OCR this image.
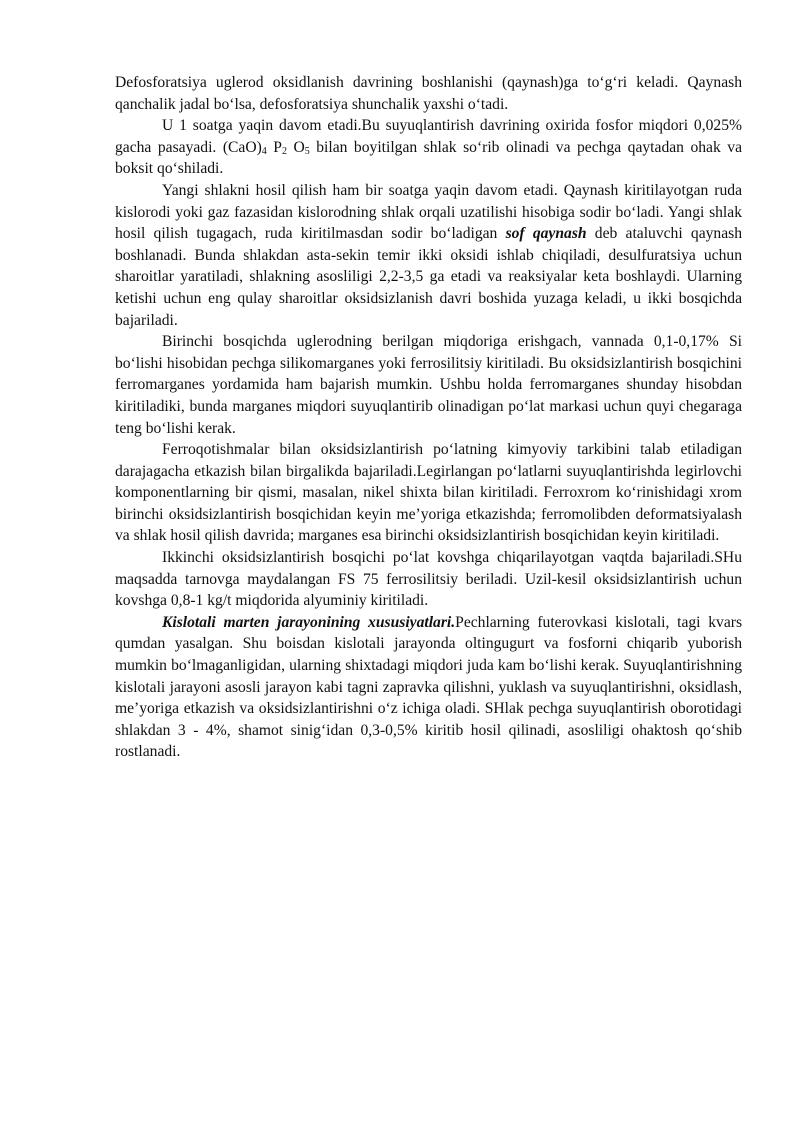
Defosforatsiya uglerod oksidlanish davrining boshlanishi (qaynash)ga to‘g‘ri keladi. Qaynash qanchalik jadal bo‘lsa, defosforatsiya shunchalik yaxshi o‘tadi.

U 1 soatga yaqin davom etadi.Bu suyuqlantirish davrining oxirida fosfor miqdori 0,025% gacha pasayadi. $(CaO)_4$ $P_2$ $O_5$ bilan boyitilgan shlak so‘rib olinadi va pechga qaytadan ohak va boksit qo‘shiladi.

Yangi shlakni hosil qilish ham bir soatga yaqin davom etadi. Qaynash kiritilayotgan ruda kislorodi yoki gaz fazasidan kislorodning shlak orqali uzatilishi hisobiga sodir bo‘ladi. Yangi shlak hosil qilish tugagach, ruda kiritilmasdan sodir bo‘ladigan sof qaynash deb ataluvchi qaynash boshlanadi. Bunda shlakdan asta-sekin temir ikki oksidi ishlab chiqiladi, desulfuratsiya uchun sharoitlar yaratiladi, shlakning asosliligi 2,2-3,5 ga etadi va reaksiyalar keta boshlaydi. Ularning ketishi uchun eng qulay sharoitlar oksidsizlanish davri boshida yuzaga keladi, u ikki bosqichda bajariladi.

Birinchi bosqichda uglerodning berilgan miqdoriga erishgach, vannada 0,1-0,17% Si bo‘lishi hisobidan pechga silikomarganes yoki ferrosilitsiy kiritiladi. Bu oksidsizlantirish bosqichini ferromarganes yordamida ham bajarish mumkin. Ushbu holda ferromarganes shunday hisobdan kiritiladiki, bunda marganes miqdori suyuqlantirib olinadigan po‘lat markasi uchun quyi chegaraga teng bo‘lishi kerak.

Ferroqotishmalar bilan oksidsizlantirish po‘latning kimyoviy tarkibini talab etiladigan darajagacha etkazish bilan birgalikda bajariladi.Legirlangan po‘latlarni suyuqlantirishda legirlovchi komponentlarning bir qismi, masalan, nikel shixta bilan kiritiladi. Ferroxrom ko‘rinishidagi xrom birinchi oksidsizlantirish bosqichidan keyin me’yoriga etkazishda; ferromolibden deformatsiyalash va shlak hosil qilish davrida; marganes esa birinchi oksidsizlantirish bosqichidan keyin kiritiladi.

Ikkinchi oksidsizlantirish bosqichi po‘lat kovshga chiqarilayotgan vaqtda bajariladi.SHu maqsadda tarnovga maydalangan FS 75 ferrosilitsiy beriladi. Uzil-kesil oksidsizlantirish uchun kovshga 0,8-1 kg/t miqdorida alyuminiy kiritiladi.

Kislotali marten jarayonining xususiyatlari.Pechlarning futerovkasi kislotali, tagi kvars qumdan yasalgan. Shu boisdan kislotali jarayonda oltingugurt va fosforni chiqarib yuborish mumkin bo‘lmaganligidan, ularning shixtadagi miqdori juda kam bo‘lishi kerak. Suyuqlantirishning kislotali jarayoni asosli jarayon kabi tagni zapravka qilishni, yuklash va suyuqlantirishni, oksidlash, me’yoriga etkazish va oksidsizlantirishni o‘z ichiga oladi. SHlak pechga suyuqlantirish oborotidagi shlakdan 3 - 4%, shamot sinig‘idan 0,3-0,5% kiritib hosil qilinadi, asosliligi ohaktosh qo‘shib rostlanadi.
